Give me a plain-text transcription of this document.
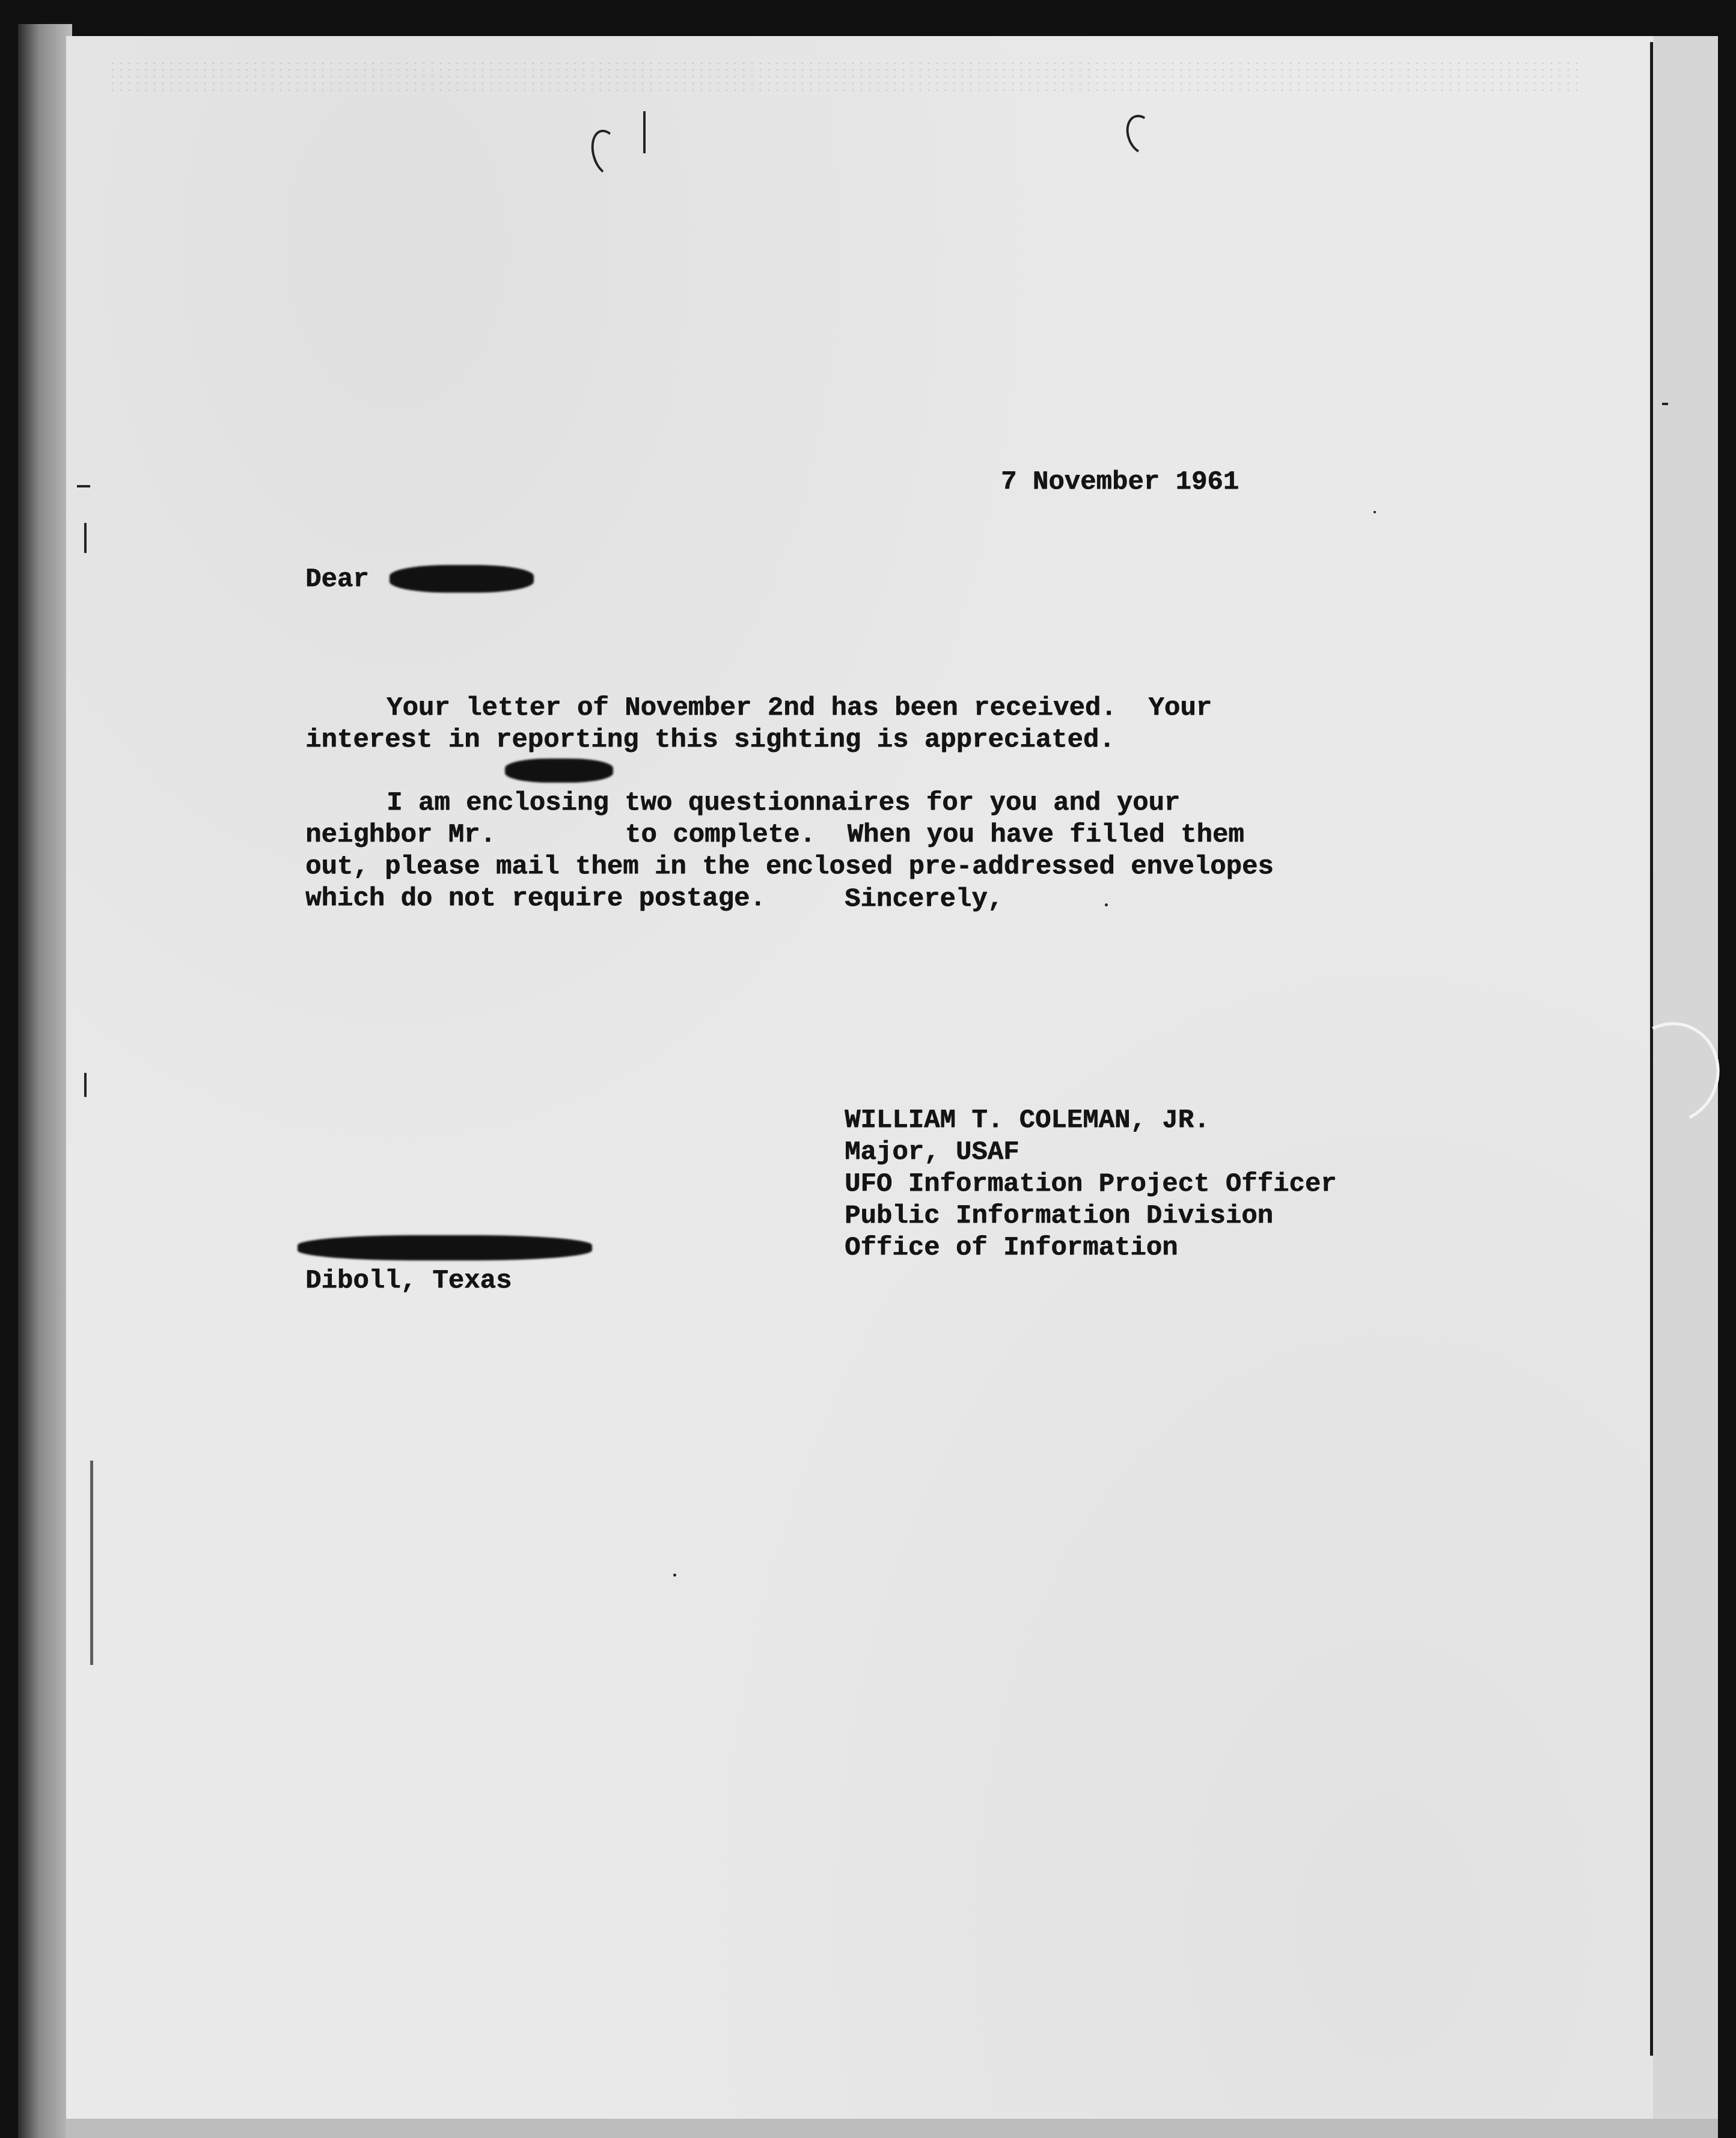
7 November 1961
Dear

Your letter of November 2nd has been received.  Your
interest in reporting this sighting is appreciated.

I am enclosing two questionnaires for you and your
neighbor Mr.	to complete.  When you have filled them
out, please mail them in the enclosed pre-addressed envelopes
which do not require postage.

	Sincerely,

WILLIAM T. COLEMAN, JR.
Major, USAF
UFO Information Project Officer
Public Information Division
Office of Information

Diboll, Texas
